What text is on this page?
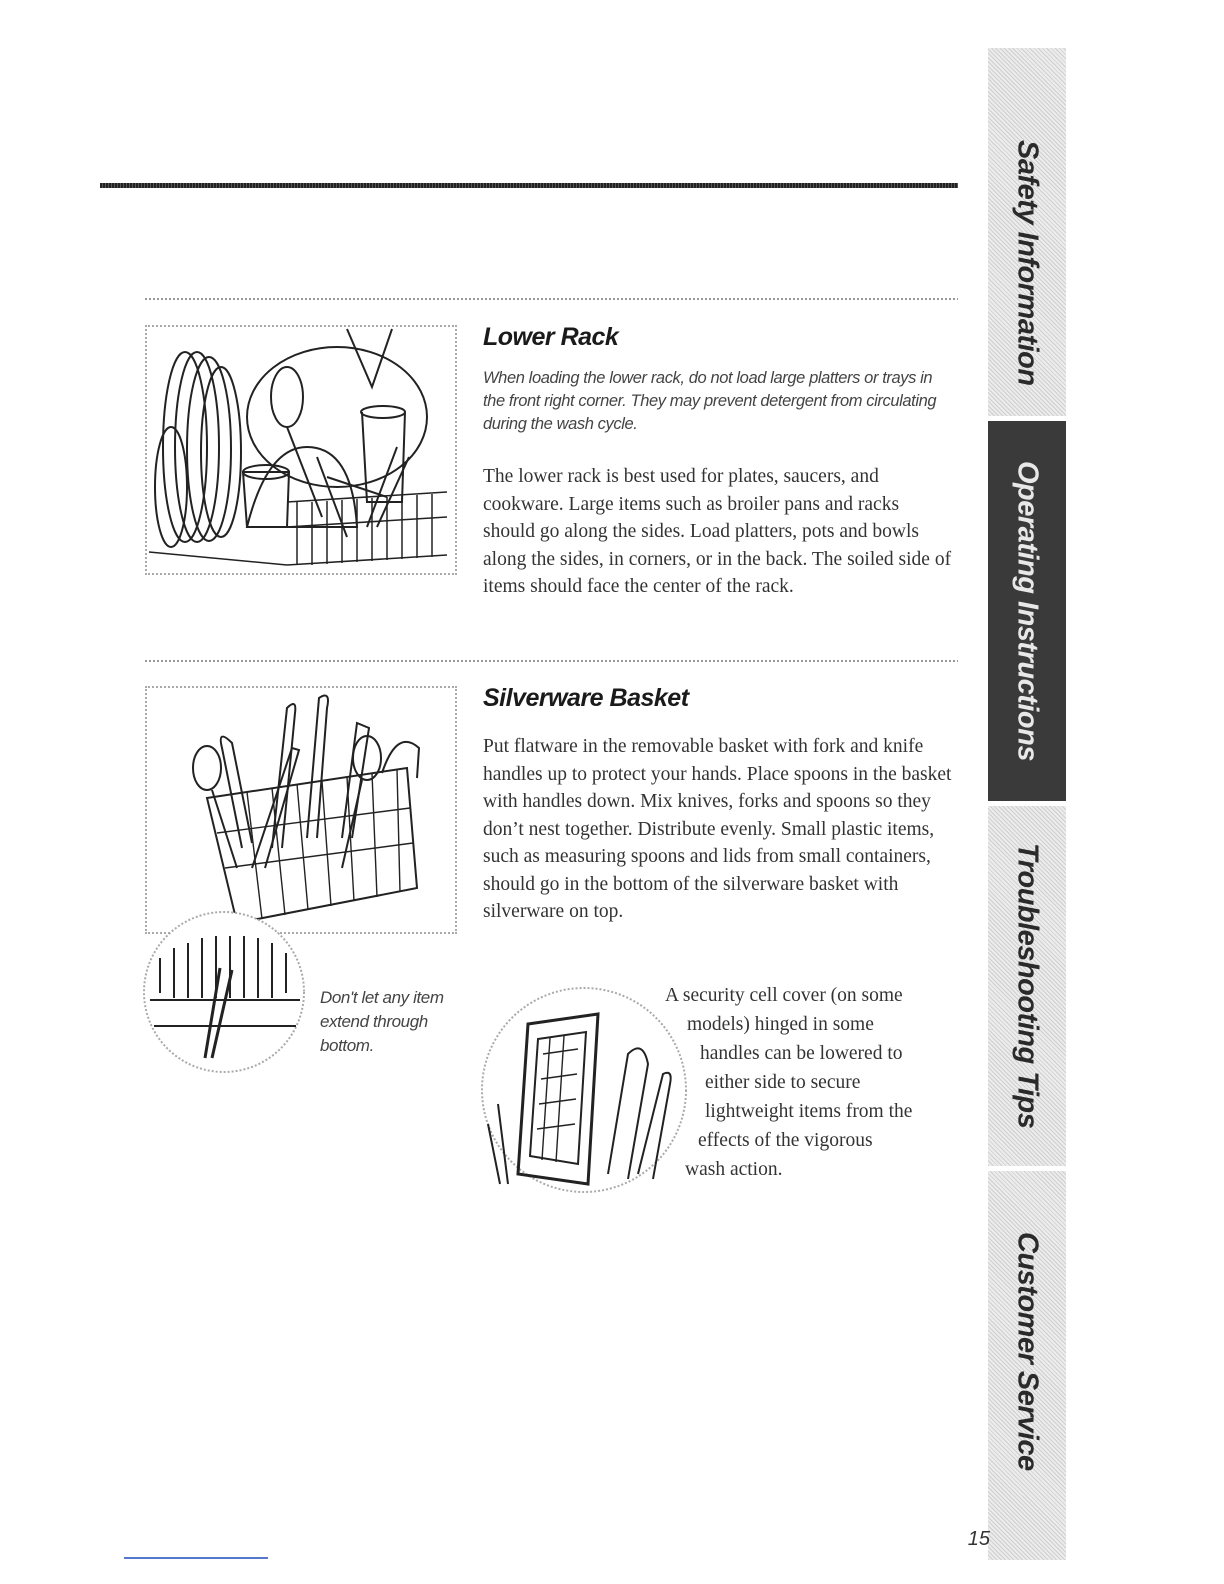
Lower Rack
When loading the lower rack, do not load large platters or trays in the front right corner. They may prevent detergent from circulating during the wash cycle.
The lower rack is best used for plates, saucers, and cookware. Large items such as broiler pans and racks should go along the sides. Load platters, pots and bowls along the sides, in corners, or in the back. The soiled side of items should face the center of the rack.
Silverware Basket
Put flatware in the removable basket with fork and knife handles up to protect your hands. Place spoons in the basket with handles down. Mix knives, forks and spoons so they don’t nest together. Distribute evenly. Small plastic items, such as measuring spoons and lids from small containers, should go in the bottom of the silverware basket with silverware on top.
Don't let any item extend through bottom.
A security cell cover (on some
models) hinged in some
handles can be lowered to
either side to secure
lightweight items from the
effects of the vigorous
wash action.
Safety Information
Operating Instructions
Troubleshooting Tips
Customer Service
15
